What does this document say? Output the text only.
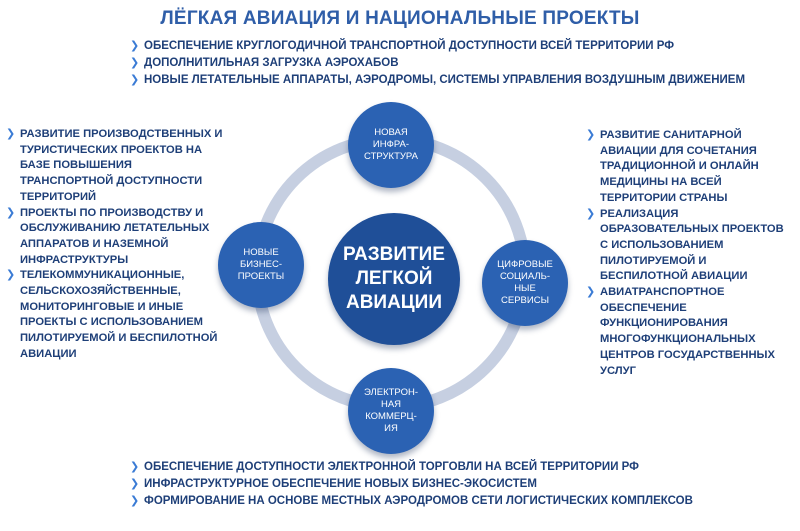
ЛЁГКАЯ АВИАЦИЯ И НАЦИОНАЛЬНЫЕ ПРОЕКТЫ
❯ ОБЕСПЕЧЕНИЕ КРУГЛОГОДИЧНОЙ ТРАНСПОРТНОЙ ДОСТУПНОСТИ ВСЕЙ ТЕРРИТОРИИ РФ
❯ ДОПОЛНИТИЛЬНАЯ ЗАГРУЗКА АЭРОХАБОВ
❯ НОВЫЕ ЛЕТАТЕЛЬНЫЕ АППАРАТЫ, АЭРОДРОМЫ, СИСТЕМЫ УПРАВЛЕНИЯ ВОЗДУШНЫМ ДВИЖЕНИЕМ
❯ РАЗВИТИЕ ПРОИЗВОДСТВЕННЫХ И ТУРИСТИЧЕСКИХ ПРОЕКТОВ НА БАЗЕ ПОВЫШЕНИЯ ТРАНСПОРТНОЙ ДОСТУПНОСТИ ТЕРРИТОРИЙ
❯ ПРОЕКТЫ ПО ПРОИЗВОДСТВУ И ОБСЛУЖИВАНИЮ ЛЕТАТЕЛЬНЫХ АППАРАТОВ И НАЗЕМНОЙ ИНФРАСТРУКТУРЫ
❯ ТЕЛЕКОММУНИКАЦИОННЫЕ, СЕЛЬСКОХОЗЯЙСТВЕННЫЕ, МОНИТОРИНГОВЫЕ И ИНЫЕ ПРОЕКТЫ С ИСПОЛЬЗОВАНИЕМ ПИЛОТИРУЕМОЙ И БЕСПИЛОТНОЙ АВИАЦИИ
❯ РАЗВИТИЕ САНИТАРНОЙ АВИАЦИИ ДЛЯ СОЧЕТАНИЯ ТРАДИЦИОННОЙ И ОНЛАЙН МЕДИЦИНЫ НА ВСЕЙ ТЕРРИТОРИИ СТРАНЫ
❯ РЕАЛИЗАЦИЯ ОБРАЗОВАТЕЛЬНЫХ ПРОЕКТОВ С ИСПОЛЬЗОВАНИЕМ ПИЛОТИРУЕМОЙ И БЕСПИЛОТНОЙ АВИАЦИИ
❯ АВИАТРАНСПОРТНОЕ ОБЕСПЕЧЕНИЕ ФУНКЦИОНИРОВАНИЯ МНОГОФУНКЦИОНАЛЬНЫХ ЦЕНТРОВ ГОСУДАРСТВЕННЫХ УСЛУГ
РАЗВИТИЕ
ЛЕГКОЙ
АВИАЦИИ
НОВАЯ
ИНФРА-
СТРУКТУРА
НОВЫЕ
БИЗНЕС-
ПРОЕКТЫ
ЦИФРОВЫЕ
СОЦИАЛЬ-
НЫЕ
СЕРВИСЫ
ЭЛЕКТРОН-
НАЯ
КОММЕРЦ-
ИЯ
❯ ОБЕСПЕЧЕНИЕ ДОСТУПНОСТИ ЭЛЕКТРОННОЙ ТОРГОВЛИ НА ВСЕЙ ТЕРРИТОРИИ РФ
❯ ИНФРАСТРУКТУРНОЕ ОБЕСПЕЧЕНИЕ НОВЫХ БИЗНЕС-ЭКОСИСТЕМ
❯ ФОРМИРОВАНИЕ НА ОСНОВЕ МЕСТНЫХ АЭРОДРОМОВ СЕТИ ЛОГИСТИЧЕСКИХ КОМПЛЕКСОВ
